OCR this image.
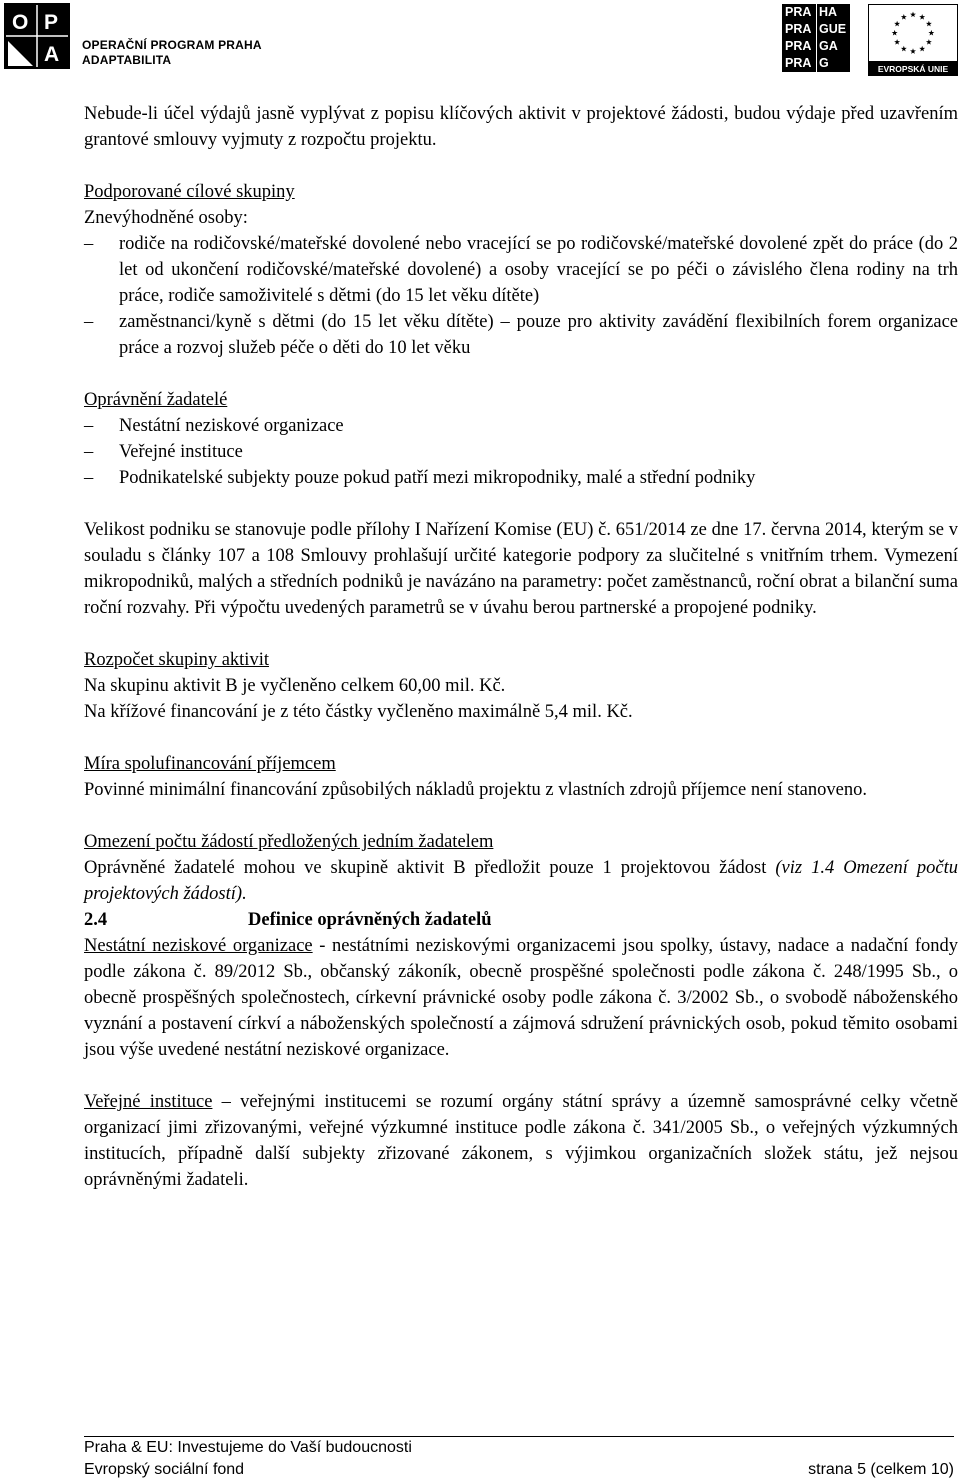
O P
A OPERAČNÍ PROGRAM PRAHA
ADAPTABILITA
PRA HA
PRA GUE
PRA GA
PRA G	EVROPSKÁ UNIE

Nebude-li účel výdajů jasně vyplývat z popisu klíčových aktivit v projektové žádosti, budou výdaje před uzavřením grantové smlouvy vyjmuty z rozpočtu projektu.

Podporované cílové skupiny

Znevýhodněné osoby:

– rodiče na rodičovské/mateřské dovolené nebo vracející se po rodičovské/mateřské dovolené zpět do práce (do 2 let od ukončení rodičovské/mateřské dovolené) a osoby vracející se po péči o závislého člena rodiny na trh práce, rodiče samoživitelé s dětmi (do 15 let věku dítěte)
– zaměstnanci/kyně s dětmi (do 15 let věku dítěte) – pouze pro aktivity zavádění flexibilních forem organizace práce a rozvoj služeb péče o děti do 10 let věku

Oprávnění žadatelé

– Nestátní neziskové organizace
– Veřejné instituce
– Podnikatelské subjekty pouze pokud patří mezi mikropodniky, malé a střední podniky

Velikost podniku se stanovuje podle přílohy I Nařízení Komise (EU) č. 651/2014 ze dne 17. června 2014, kterým se v souladu s články 107 a 108 Smlouvy prohlašují určité kategorie podpory za slučitelné s vnitřním trhem. Vymezení mikropodniků, malých a středních podniků je navázáno na parametry: počet zaměstnanců, roční obrat a bilanční suma roční rozvahy. Při výpočtu uvedených parametrů se v úvahu berou partnerské a propojené podniky.

Rozpočet skupiny aktivit

Na skupinu aktivit B je vyčleněno celkem 60,00 mil. Kč.

Na křížové financování je z této částky vyčleněno maximálně 5,4 mil. Kč.

Míra spolufinancování příjemcem

Povinné minimální financování způsobilých nákladů projektu z vlastních zdrojů příjemce není stanoveno.

Omezení počtu žádostí předložených jedním žadatelem

Oprávněné žadatelé mohou ve skupině aktivit B předložit pouze 1 projektovou žádost (viz 1.4 Omezení počtu projektových žádostí).

2.4	Definice oprávněných žadatelů

Nestátní neziskové organizace - nestátními neziskovými organizacemi jsou spolky, ústavy, nadace a nadační fondy podle zákona č. 89/2012 Sb., občanský zákoník, obecně prospěšné společnosti podle zákona č. 248/1995 Sb., o obecně prospěšných společnostech, církevní právnické osoby podle zákona č. 3/2002 Sb., o svobodě náboženského vyznání a postavení církví a náboženských společností a zájmová sdružení právnických osob, pokud těmito osobami jsou výše uvedené nestátní neziskové organizace.

Veřejné instituce – veřejnými institucemi se rozumí orgány státní správy a územně samosprávné celky včetně organizací jimi zřizovanými, veřejné výzkumné instituce podle zákona č. 341/2005 Sb., o veřejných výzkumných institucích, případně další subjekty zřizované zákonem, s výjimkou organizačních složek státu, jež nejsou oprávněnými žadateli.

Praha & EU: Investujeme do Vaší budoucnosti
Evropský sociální fond	strana 5 (celkem 10)
